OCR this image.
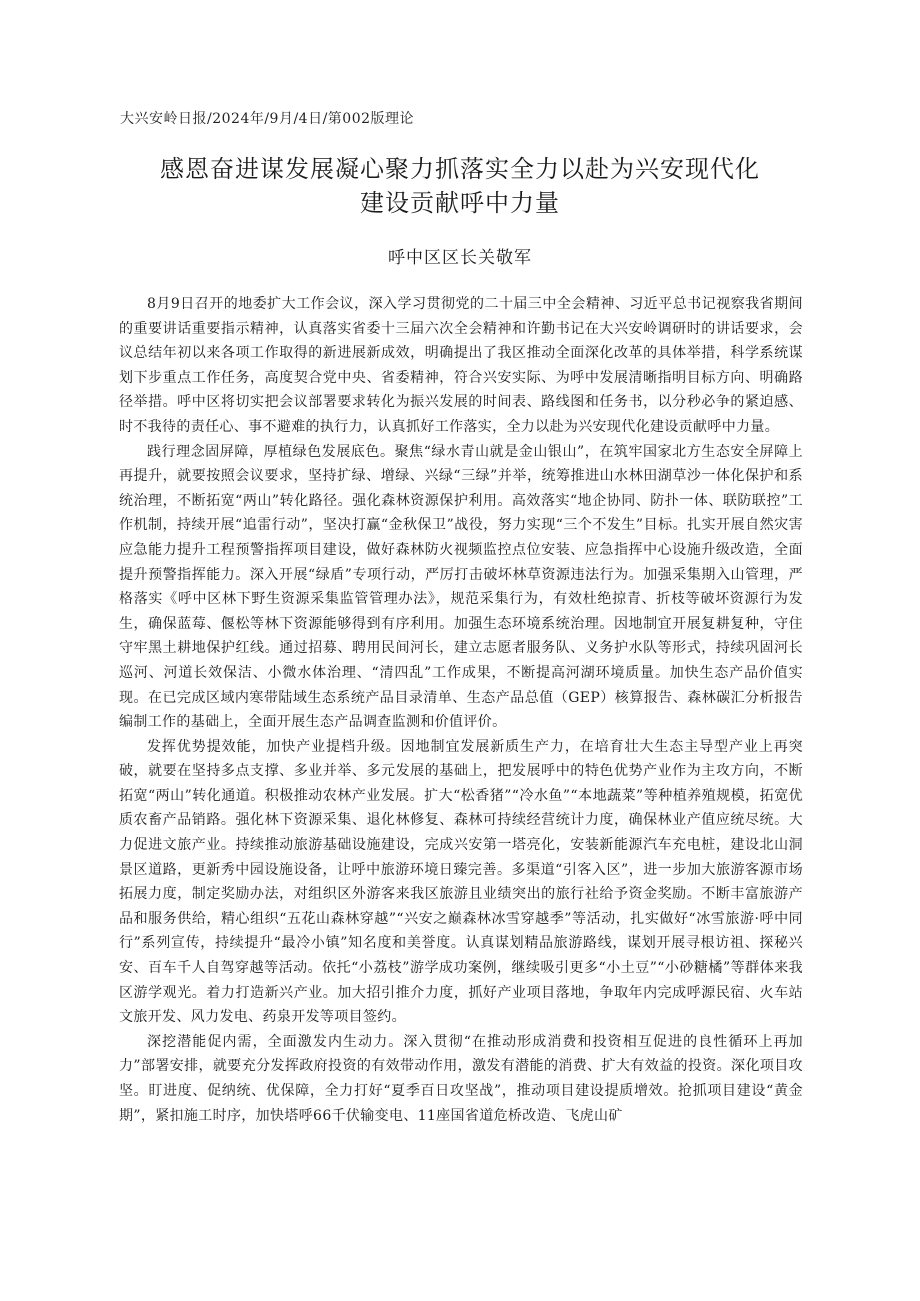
大兴安岭日报/2024年/9月/4日/第002版理论
感恩奋进谋发展凝心聚力抓落实全力以赴为兴安现代化
建设贡献呼中力量
呼中区区长关敬军

8月9日召开的地委扩大工作会议，深入学习贯彻党的二十届三中全会精神、习近平总书记视察我省期间的重要讲话重要指示精神，认真落实省委十三届六次全会精神和许勤书记在大兴安岭调研时的讲话要求，会议总结年初以来各项工作取得的新进展新成效，明确提出了我区推动全面深化改革的具体举措，科学系统谋划下步重点工作任务，高度契合党中央、省委精神，符合兴安实际、为呼中发展清晰指明目标方向、明确路径举措。呼中区将切实把会议部署要求转化为振兴发展的时间表、路线图和任务书，以分秒必争的紧迫感、时不我待的责任心、事不避难的执行力，认真抓好工作落实，全力以赴为兴安现代化建设贡献呼中力量。

践行理念固屏障，厚植绿色发展底色。聚焦“绿水青山就是金山银山”，在筑牢国家北方生态安全屏障上再提升，就要按照会议要求，坚持扩绿、增绿、兴绿“三绿”并举，统筹推进山水林田湖草沙一体化保护和系统治理，不断拓宽“两山”转化路径。强化森林资源保护利用。高效落实“地企协同、防扑一体、联防联控”工作机制，持续开展“追雷行动”，坚决打赢“金秋保卫”战役，努力实现“三个不发生”目标。扎实开展自然灾害应急能力提升工程预警指挥项目建设，做好森林防火视频监控点位安装、应急指挥中心设施升级改造，全面提升预警指挥能力。深入开展“绿盾”专项行动，严厉打击破坏林草资源违法行为。加强采集期入山管理，严格落实《呼中区林下野生资源采集监管管理办法》，规范采集行为，有效杜绝掠青、折枝等破坏资源行为发生，确保蓝莓、偃松等林下资源能够得到有序利用。加强生态环境系统治理。因地制宜开展复耕复种，守住守牢黑土耕地保护红线。通过招募、聘用民间河长，建立志愿者服务队、义务护水队等形式，持续巩固河长巡河、河道长效保洁、小微水体治理、“清四乱”工作成果，不断提高河湖环境质量。加快生态产品价值实现。在已完成区域内寒带陆域生态系统产品目录清单、生态产品总值（GEP）核算报告、森林碳汇分析报告编制工作的基础上，全面开展生态产品调查监测和价值评价。

发挥优势提效能，加快产业提档升级。因地制宜发展新质生产力，在培育壮大生态主导型产业上再突破，就要在坚持多点支撑、多业并举、多元发展的基础上，把发展呼中的特色优势产业作为主攻方向，不断拓宽“两山”转化通道。积极推动农林产业发展。扩大“松香猪”“冷水鱼”“本地蔬菜”等种植养殖规模，拓宽优质农畜产品销路。强化林下资源采集、退化林修复、森林可持续经营统计力度，确保林业产值应统尽统。大力促进文旅产业。持续推动旅游基础设施建设，完成兴安第一塔亮化，安装新能源汽车充电桩，建设北山洞景区道路，更新秀中园设施设备，让呼中旅游环境日臻完善。多渠道“引客入区”，进一步加大旅游客源市场拓展力度，制定奖励办法，对组织区外游客来我区旅游且业绩突出的旅行社给予资金奖励。不断丰富旅游产品和服务供给，精心组织“五花山森林穿越”“兴安之巅森林冰雪穿越季”等活动，扎实做好“冰雪旅游·呼中同行”系列宣传，持续提升“最冷小镇”知名度和美誉度。认真谋划精品旅游路线，谋划开展寻根访祖、探秘兴安、百车千人自驾穿越等活动。依托“小荔枝”游学成功案例，继续吸引更多“小土豆”“小砂糖橘”等群体来我区游学观光。着力打造新兴产业。加大招引推介力度，抓好产业项目落地，争取年内完成呼源民宿、火车站文旅开发、风力发电、药泉开发等项目签约。

深挖潜能促内需，全面激发内生动力。深入贯彻“在推动形成消费和投资相互促进的良性循环上再加力”部署安排，就要充分发挥政府投资的有效带动作用，激发有潜能的消费、扩大有效益的投资。深化项目攻坚。盯进度、促纳统、优保障，全力打好“夏季百日攻坚战”，推动项目建设提质增效。抢抓项目建设“黄金期”，紧扣施工时序，加快塔呼66千伏输变电、11座国省道危桥改造、飞虎山矿
